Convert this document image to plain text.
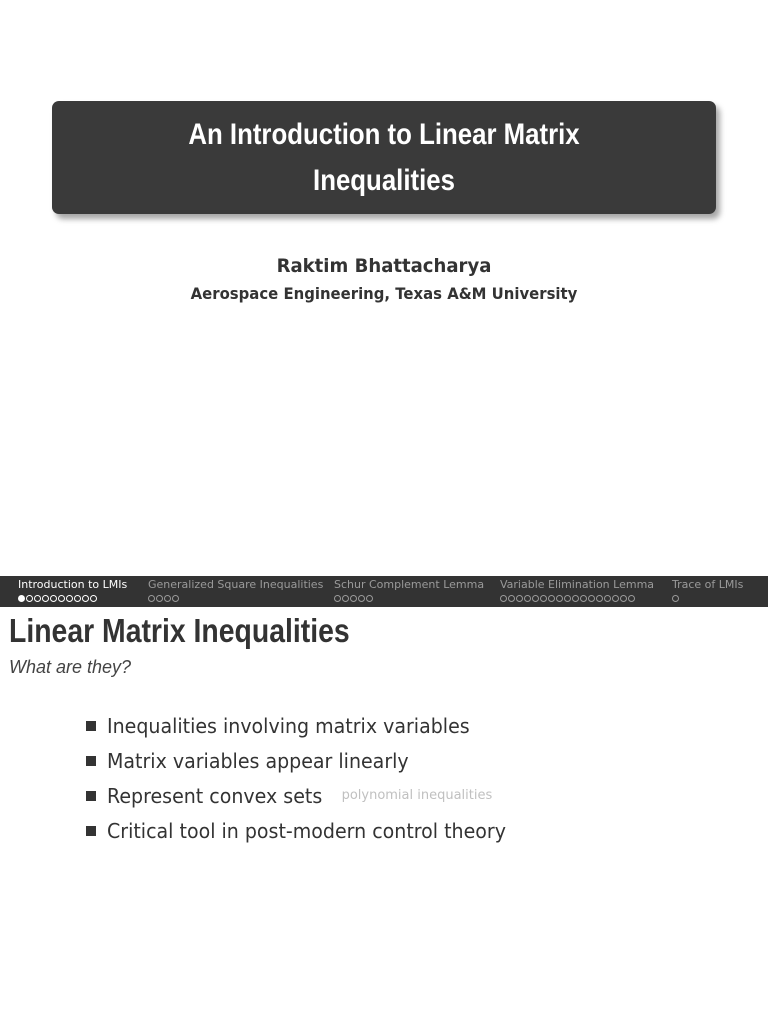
An Introduction to Linear Matrix Inequalities
Raktim Bhattacharya
Aerospace Engineering, Texas A&M University
Introduction to LMIs Generalized Square Inequalities Schur Complement Lemma Variable Elimination Lemma Trace of LMIs
Linear Matrix Inequalities
What are they?
Inequalities involving matrix variables
Matrix variables appear linearly
Represent convex sets polynomial inequalities
Critical tool in post-modern control theory
